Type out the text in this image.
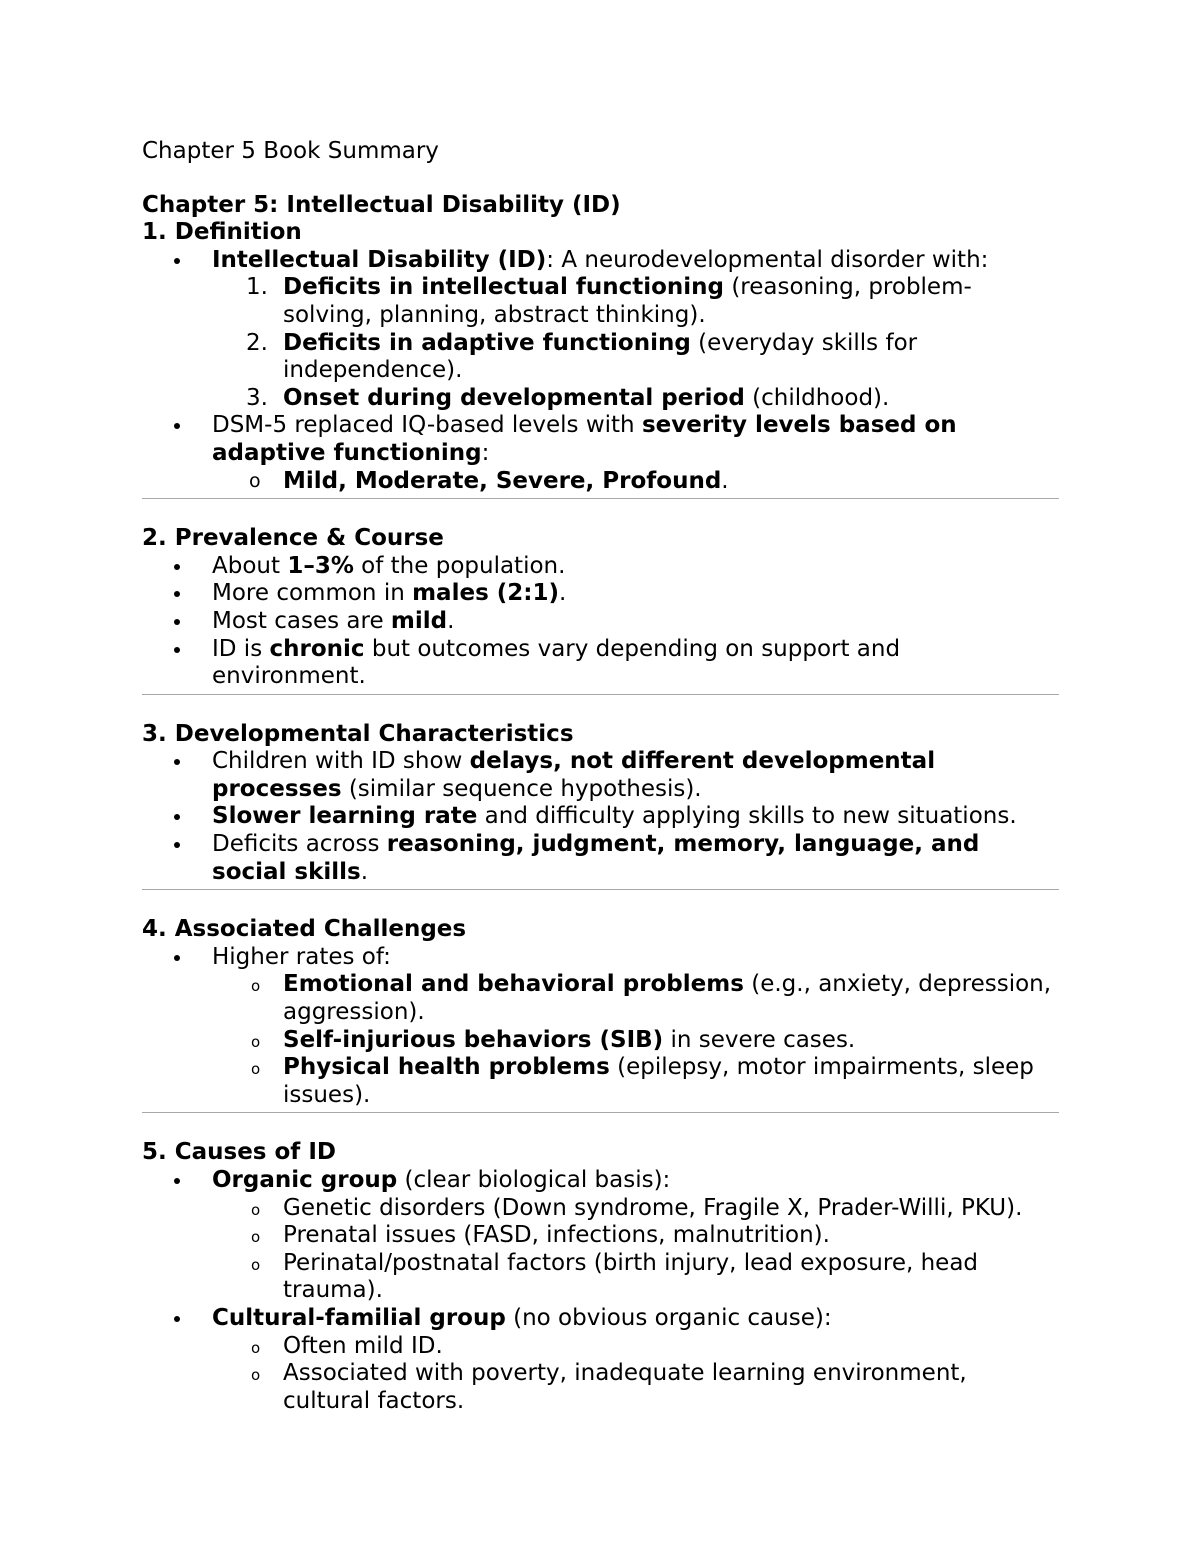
Chapter 5 Book Summary
Chapter 5: Intellectual Disability (ID)
1. Definition
Intellectual Disability (ID): A neurodevelopmental disorder with:
1. Deficits in intellectual functioning (reasoning, problem-solving, planning, abstract thinking).
2. Deficits in adaptive functioning (everyday skills for independence).
3. Onset during developmental period (childhood).
DSM-5 replaced IQ-based levels with severity levels based on adaptive functioning:
o Mild, Moderate, Severe, Profound.
2. Prevalence & Course
About 1–3% of the population.
More common in males (2:1).
Most cases are mild.
ID is chronic but outcomes vary depending on support and environment.
3. Developmental Characteristics
Children with ID show delays, not different developmental processes (similar sequence hypothesis).
Slower learning rate and difficulty applying skills to new situations.
Deficits across reasoning, judgment, memory, language, and social skills.
4. Associated Challenges
Higher rates of:
o Emotional and behavioral problems (e.g., anxiety, depression, aggression).
o Self-injurious behaviors (SIB) in severe cases.
o Physical health problems (epilepsy, motor impairments, sleep issues).
5. Causes of ID
Organic group (clear biological basis):
o Genetic disorders (Down syndrome, Fragile X, Prader-Willi, PKU).
o Prenatal issues (FASD, infections, malnutrition).
o Perinatal/postnatal factors (birth injury, lead exposure, head trauma).
Cultural-familial group (no obvious organic cause):
o Often mild ID.
o Associated with poverty, inadequate learning environment, cultural factors.
